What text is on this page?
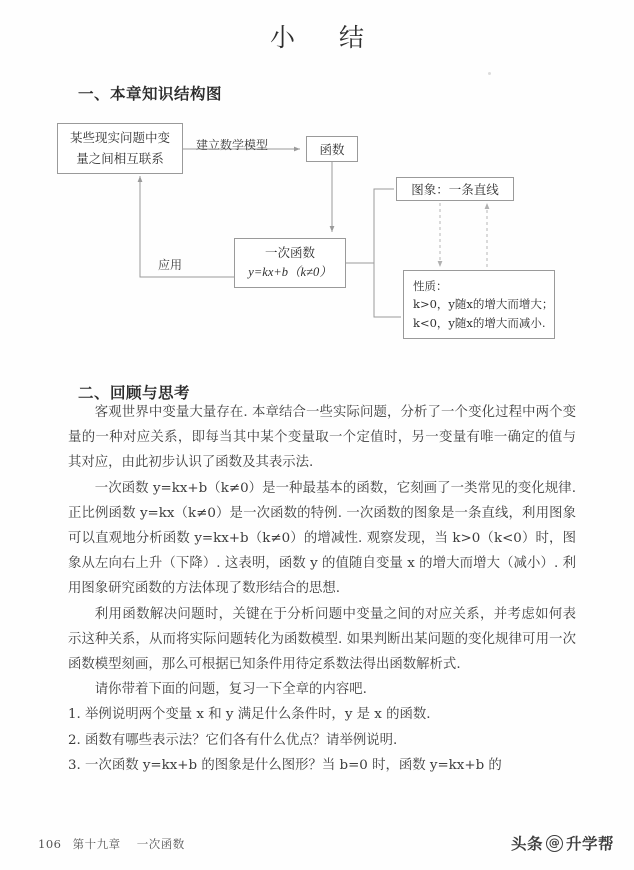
小 结
一、本章知识结构图
某些现实问题中变
量之间相互联系
函数
一次函数
y=kx+b（k≠0）
图象：一条直线
性质：
k>0，y随x的增大而增大；
k<0，y随x的增大而减小.
建立数学模型
应用
二、回顾与思考

客观世界中变量大量存在. 本章结合一些实际问题，分析了一个变化过程中两个变量的一种对应关系，即每当其中某个变量取一个定值时，另一变量有唯一确定的值与其对应，由此初步认识了函数及其表示法.

一次函数 y=kx+b（k≠0）是一种最基本的函数，它刻画了一类常见的变化规律. 正比例函数 y=kx（k≠0）是一次函数的特例. 一次函数的图象是一条直线，利用图象可以直观地分析函数 y=kx+b（k≠0）的增减性. 观察发现，当 k>0（k<0）时，图象从左向右上升（下降）. 这表明，函数 y 的值随自变量 x 的增大而增大（减小）. 利用图象研究函数的方法体现了数形结合的思想.

利用函数解决问题时，关键在于分析问题中变量之间的对应关系，并考虑如何表示这种关系，从而将实际问题转化为函数模型. 如果判断出某问题的变化规律可用一次函数模型刻画，那么可根据已知条件用待定系数法得出函数解析式.

请你带着下面的问题，复习一下全章的内容吧.

1. 举例说明两个变量 x 和 y 满足什么条件时，y 是 x 的函数.

2. 函数有哪些表示法？它们各有什么优点？请举例说明.

3. 一次函数 y=kx+b 的图象是什么图形？当 b=0 时，函数 y=kx+b 的

106 第十九章 一次函数	头条 @ 升学帮
